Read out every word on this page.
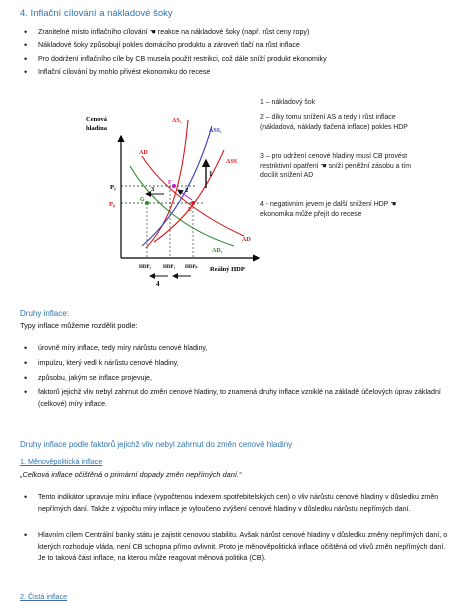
4. Inflační cílování a nákladové šoky
• Zranitelné místo inflačního cílování ☚ reakce na nákladové šoky (např. růst ceny ropy)
• Nákladové šoky způsobují pokles domácího produktu a zároveň tlačí na růst inflace
• Pro dodržení inflačního cíle by CB musela použít restrikci, což dále sníží produkt ekonomiky
• Inflační cílování by mohlo přivést ekonomiku do recese
Cenová
hladina
Reálný HDP
P₁
P₀
AS₁
ASS₁
ASS
AD
AD
AD₁
E
F
G
1
2
3
4
HDP₂ HDP₁ HDPₚ
1 – nákladový šok
2 – díky tomu snížení AS a tedy i růst inflace (nákladová, náklady tlačená inflace) pokles HDP
3 – pro udržení cenové hladiny musí CB provést restriktivní opatření ☚ sníží peněžní zásobu a tím docílit snížení AD
4 - negativním jevem je další snížení HDP ☚ ekonomika může přejít do recese
Druhy inflace:
Typy inflace můžeme rozdělit podle:
• úrovně míry inflace, tedy míry nárůstu cenové hladiny,
• impulzu, který vedl k nárůstu cenové hladiny,
• způsobu, jakým se inflace projevuje,
• faktorů jejichž vliv nebyl zahrnut do změn cenové hladiny, to znamená druhy inflace vzniklé na základě účelových úprav základní (celkové) míry inflace.
Druhy inflace podle faktorů jejichž vliv nebyl zahrnut do změn cenové hladiny
1. Měnověpolitická inflace
„Celková inflace očištěná o primární dopady změn nepřímých daní.“
• Tento indikátor upravuje míru inflace (vypočtenou indexem spotřebitelských cen) o vliv nárůstu cenové hladiny v důsledku změn nepřímých daní. Takže z výpočtu míry inflace je vyloučeno zvýšení cenové hladiny v důsledku nárůstu nepřímých daní.
• Hlavním cílem Centrální banky státu je zajistit cenovou stabilitu. Avšak nárůst cenové hladiny v důsledku změny nepřímých daní, o kterých rozhoduje vláda, není CB schopna přímo ovlivnit. Proto je měnověpolitická inflace očištěná od vlivů změn nepřímých daní. Je to taková část inflace, na kterou může reagovat měnová politika (CB).
2. Čistá inflace
